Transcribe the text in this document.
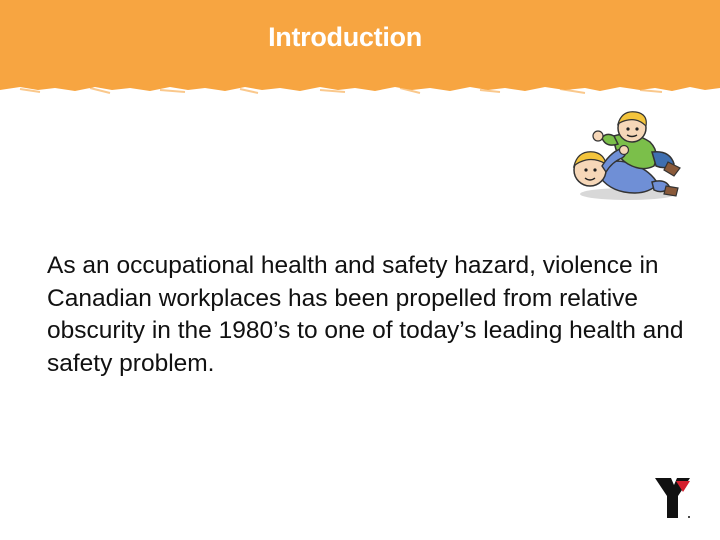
Introduction
As an occupational health and safety hazard, violence in Canadian workplaces has been propelled from relative obscurity in the 1980’s to one of today’s leading health and safety problem.
